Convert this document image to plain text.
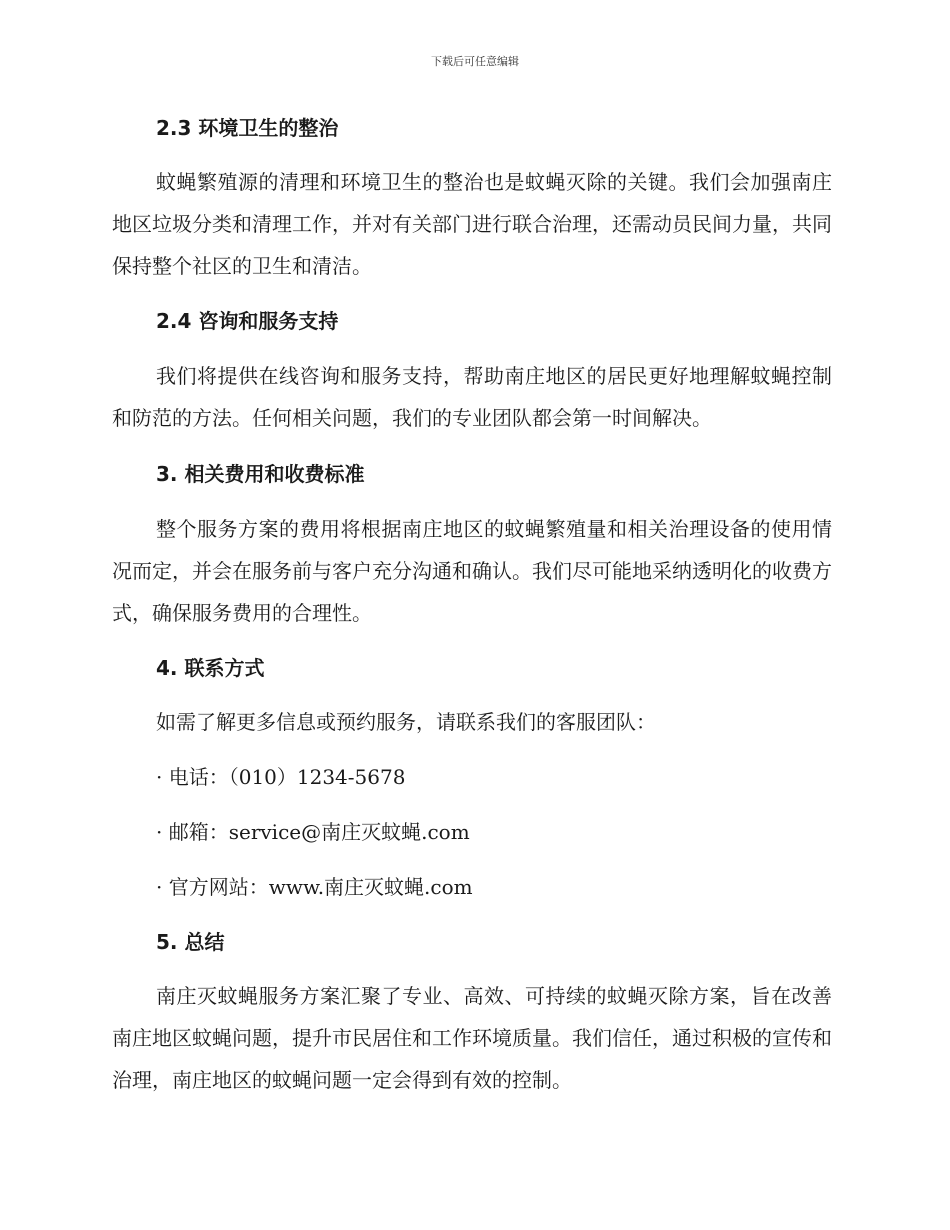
下载后可任意编辑
2.3 环境卫生的整治
蚊蝇繁殖源的清理和环境卫生的整治也是蚊蝇灭除的关键。我们会加强南庄地区垃圾分类和清理工作，并对有关部门进行联合治理，还需动员民间力量，共同保持整个社区的卫生和清洁。
2.4 咨询和服务支持
我们将提供在线咨询和服务支持，帮助南庄地区的居民更好地理解蚊蝇控制和防范的方法。任何相关问题，我们的专业团队都会第一时间解决。
3. 相关费用和收费标准
整个服务方案的费用将根据南庄地区的蚊蝇繁殖量和相关治理设备的使用情况而定，并会在服务前与客户充分沟通和确认。我们尽可能地采纳透明化的收费方式，确保服务费用的合理性。
4. 联系方式
如需了解更多信息或预约服务，请联系我们的客服团队：
· 电话：（010）1234-5678
· 邮箱：service@南庄灭蚊蝇.com
· 官方网站：www.南庄灭蚊蝇.com
5. 总结
南庄灭蚊蝇服务方案汇聚了专业、高效、可持续的蚊蝇灭除方案，旨在改善南庄地区蚊蝇问题，提升市民居住和工作环境质量。我们信任，通过积极的宣传和治理，南庄地区的蚊蝇问题一定会得到有效的控制。
